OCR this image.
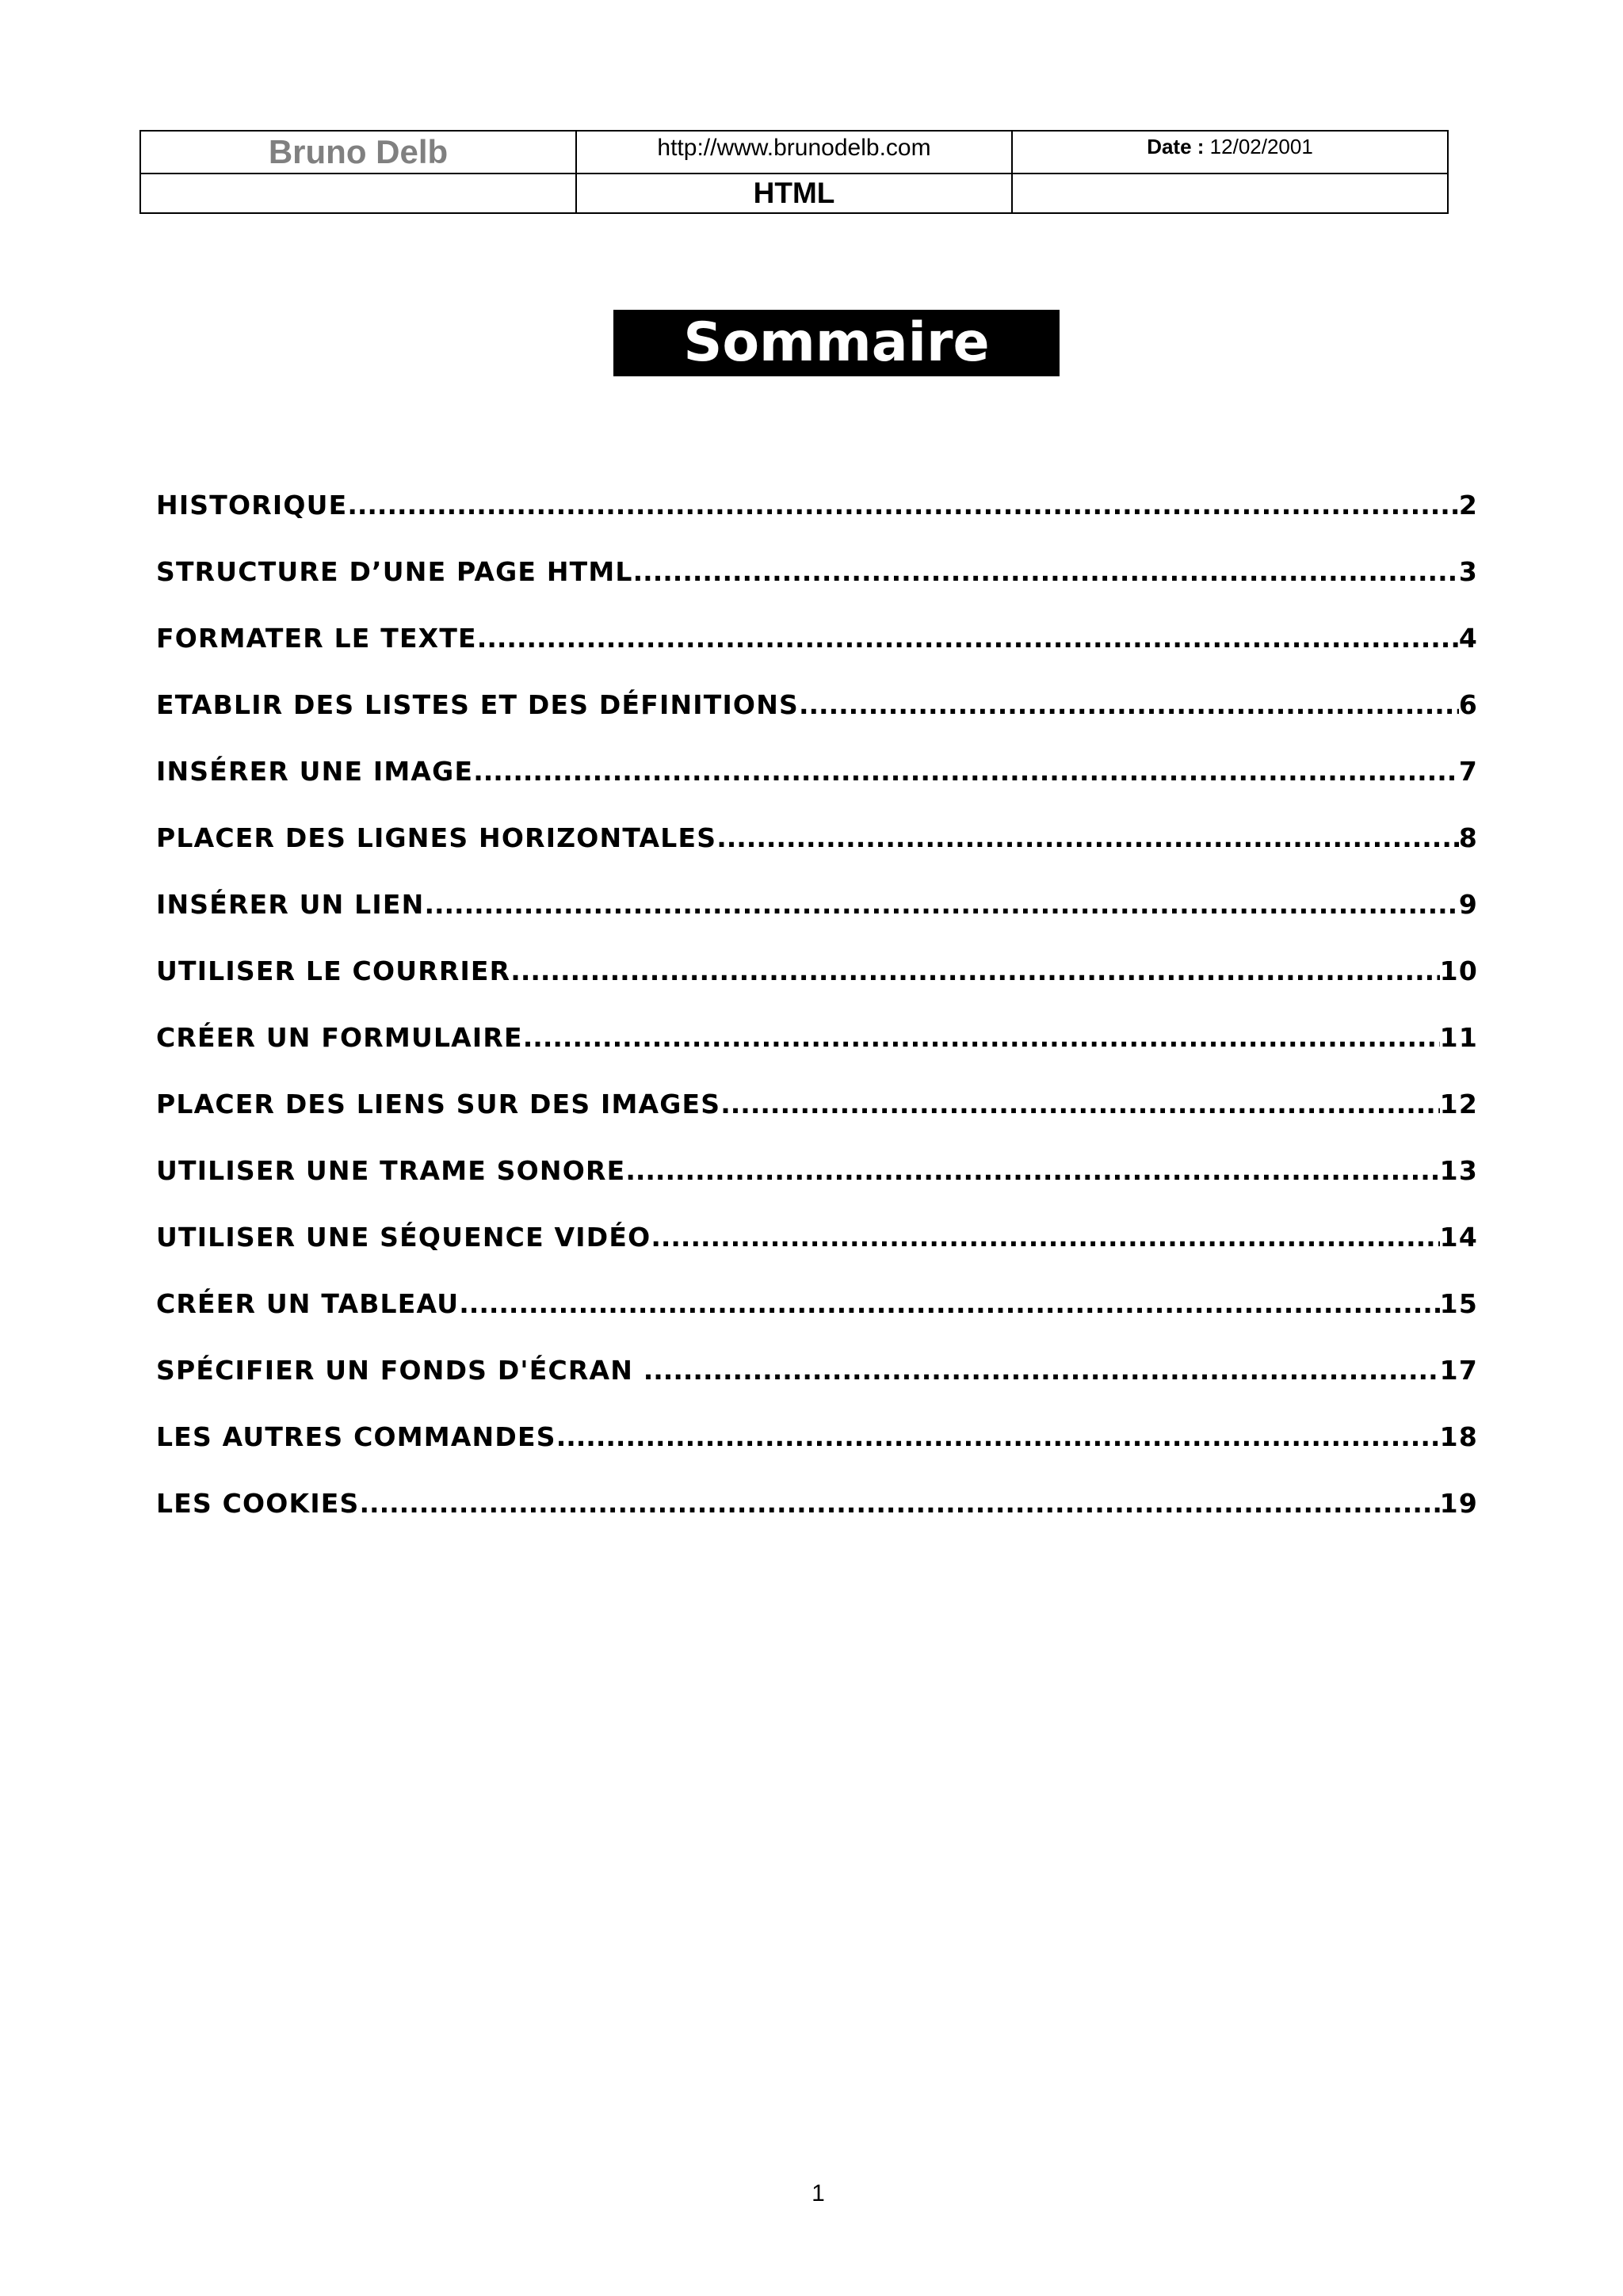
Bruno Delb	http://www.brunodelb.com	Date : 12/02/2001

	HTML	

Sommaire
HISTORIQUE .....	2
STRUCTURE D’UNE PAGE HTML .....	3
FORMATER LE TEXTE .....	4
ETABLIR DES LISTES ET DES DÉFINITIONS .....	6
INSÉRER UNE IMAGE .....	7
PLACER DES LIGNES HORIZONTALES .....	8
INSÉRER UN LIEN .....	9
UTILISER LE COURRIER .....	10
CRÉER UN FORMULAIRE .....	11
PLACER DES LIENS SUR DES IMAGES .....	12
UTILISER UNE TRAME SONORE .....	13
UTILISER UNE SÉQUENCE VIDÉO .....	14
CRÉER UN TABLEAU .....	15
SPÉCIFIER UN FONDS D'ÉCRAN .....	17
LES AUTRES COMMANDES .....	18
LES COOKIES .....	19
1
